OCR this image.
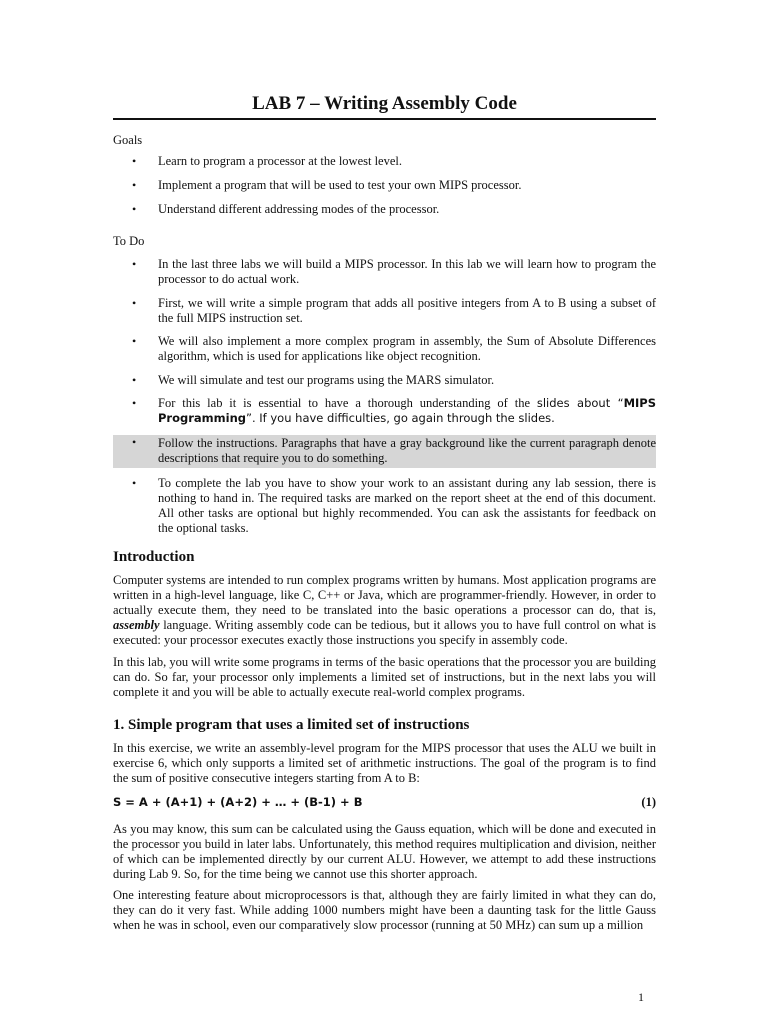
LAB 7 – Writing Assembly Code
Goals
• Learn to program a processor at the lowest level.
• Implement a program that will be used to test your own MIPS processor.
• Understand different addressing modes of the processor.
To Do
• In the last three labs we will build a MIPS processor. In this lab we will learn how to program the processor to do actual work.
• First, we will write a simple program that adds all positive integers from A to B using a subset of the full MIPS instruction set.
• We will also implement a more complex program in assembly, the Sum of Absolute Differences algorithm, which is used for applications like object recognition.
• We will simulate and test our programs using the MARS simulator.
• For this lab it is essential to have a thorough understanding of the slides about “MIPS Programming”. If you have difficulties, go again through the slides.
• Follow the instructions. Paragraphs that have a gray background like the current paragraph denote descriptions that require you to do something.
• To complete the lab you have to show your work to an assistant during any lab session, there is nothing to hand in. The required tasks are marked on the report sheet at the end of this document. All other tasks are optional but highly recommended. You can ask the assistants for feedback on the optional tasks.
Introduction

Computer systems are intended to run complex programs written by humans. Most application programs are written in a high-level language, like C, C++ or Java, which are programmer-friendly. However, in order to actually execute them, they need to be translated into the basic operations a processor can do, that is, assembly language. Writing assembly code can be tedious, but it allows you to have full control on what is executed: your processor executes exactly those instructions you specify in assembly code.

In this lab, you will write some programs in terms of the basic operations that the processor you are building can do. So far, your processor only implements a limited set of instructions, but in the next labs you will complete it and you will be able to actually execute real-world complex programs.

1. Simple program that uses a limited set of instructions

In this exercise, we write an assembly-level program for the MIPS processor that uses the ALU we built in exercise 6, which only supports a limited set of arithmetic instructions. The goal of the program is to find the sum of positive consecutive integers starting from A to B:

S = A + (A+1) + (A+2) + … + (B-1) + B	(1)

As you may know, this sum can be calculated using the Gauss equation, which will be done and executed in the processor you build in later labs. Unfortunately, this method requires multiplication and division, neither of which can be implemented directly by our current ALU. However, we attempt to add these instructions during Lab 9. So, for the time being we cannot use this shorter approach.

One interesting feature about microprocessors is that, although they are fairly limited in what they can do, they can do it very fast. While adding 1000 numbers might have been a daunting task for the little Gauss when he was in school, even our comparatively slow processor (running at 50 MHz) can sum up a million

1
